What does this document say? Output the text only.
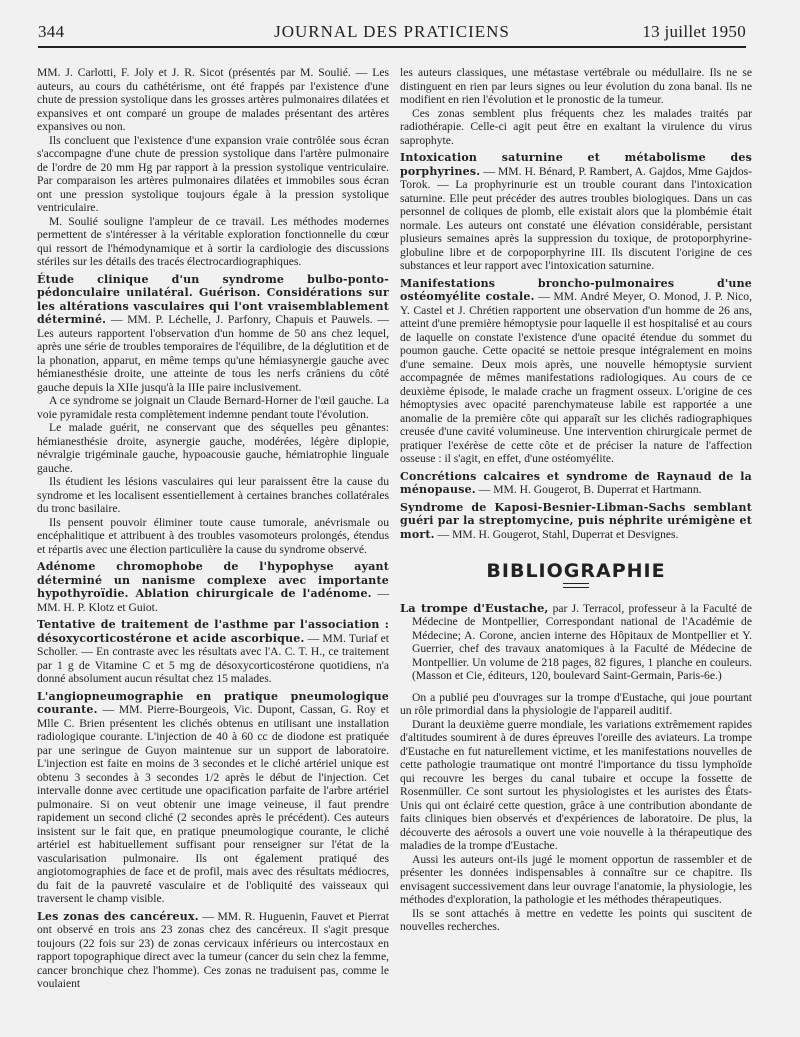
344	JOURNAL DES PRATICIENS	13 juillet 1950

MM. J. Carlotti, F. Joly et J. R. Sicot (présentés par M. Soulié. — Les auteurs, au cours du cathétérisme, ont été frappés par l'existence d'une chute de pression systolique dans les grosses artères pulmonaires dilatées et expansives et ont comparé un groupe de malades présentant des artères expansives ou non.

Ils concluent que l'existence d'une expansion vraie contrôlée sous écran s'accompagne d'une chute de pression systolique dans l'artère pulmonaire de l'ordre de 20 mm Hg par rapport à la pression systolique ventriculaire. Par comparaison les artères pulmonaires dilatées et immobiles sous écran ont une pression systolique toujours égale à la pression systolique ventriculaire.

M. Soulié souligne l'ampleur de ce travail. Les méthodes modernes permettent de s'intéresser à la véritable exploration fonctionnelle du cœur qui ressort de l'hémodynamique et à sortir la cardiologie des discussions stériles sur les détails des tracés électrocardiographiques.

Étude clinique d'un syndrome bulbo-ponto-pédonculaire unilatéral. Guérison. Considérations sur les altérations vasculaires qui l'ont vraisemblablement déterminé. — MM. P. Léchelle, J. Parfonry, Chapuis et Pauwels. — Les auteurs rapportent l'observation d'un homme de 50 ans chez lequel, après une série de troubles temporaires de l'équilibre, de la déglutition et de la phonation, apparut, en même temps qu'une hémiasynergie gauche avec hémianesthésie droite, une atteinte de tous les nerfs crâniens du côté gauche depuis la XIIe jusqu'à la IIIe paire inclusivement.

A ce syndrome se joignait un Claude Bernard-Horner de l'œil gauche. La voie pyramidale resta complètement indemne pendant toute l'évolution.

Le malade guérit, ne conservant que des séquelles peu gênantes: hémianesthésie droite, asynergie gauche, modérées, légère diplopie, névralgie trigéminale gauche, hypoacousie gauche, hémiatrophie linguale gauche.

Ils étudient les lésions vasculaires qui leur paraissent être la cause du syndrome et les localisent essentiellement à certaines branches collatérales du tronc basilaire.

Ils pensent pouvoir éliminer toute cause tumorale, anévrismale ou encéphalitique et attribuent à des troubles vasomoteurs prolongés, étendus et répartis avec une élection particulière la cause du syndrome observé.

Adénome chromophobe de l'hypophyse ayant déterminé un nanisme complexe avec importante hypothyroïdie. Ablation chirurgicale de l'adénome. — MM. H. P. Klotz et Guiot.

Tentative de traitement de l'asthme par l'association : désoxycorticostérone et acide ascorbique. — MM. Turiaf et Scholler. — En contraste avec les résultats avec l'A. C. T. H., ce traitement par 1 g de Vitamine C et 5 mg de désoxycorticostérone quotidiens, n'a donné absolument aucun résultat chez 15 malades.

L'angiopneumographie en pratique pneumologique courante. — MM. Pierre-Bourgeois, Vic. Dupont, Cassan, G. Roy et Mlle C. Brien présentent les clichés obtenus en utilisant une installation radiologique courante. L'injection de 40 à 60 cc de diodone est pratiquée par une seringue de Guyon maintenue sur un support de laboratoire. L'injection est faite en moins de 3 secondes et le cliché artériel unique est obtenu 3 secondes à 3 secondes 1/2 après le début de l'injection. Cet intervalle donne avec certitude une opacification parfaite de l'arbre artériel pulmonaire. Si on veut obtenir une image veineuse, il faut prendre rapidement un second cliché (2 secondes après le précédent). Ces auteurs insistent sur le fait que, en pratique pneumologique courante, le cliché artériel est habituellement suffisant pour renseigner sur l'état de la vascularisation pulmonaire. Ils ont également pratiqué des angiotomographies de face et de profil, mais avec des résultats médiocres, du fait de la pauvreté vasculaire et de l'obliquité des vaisseaux qui traversent le champ visible.

Les zonas des cancéreux. — MM. R. Huguenin, Fauvet et Pierrat ont observé en trois ans 23 zonas chez des cancéreux. Il s'agit presque toujours (22 fois sur 23) de zonas cervicaux inférieurs ou intercostaux en rapport topographique direct avec la tumeur (cancer du sein chez la femme, cancer bronchique chez l'homme). Ces zonas ne traduisent pas, comme le voulaient

les auteurs classiques, une métastase vertébrale ou médullaire. Ils ne se distinguent en rien par leurs signes ou leur évolution du zona banal. Ils ne modifient en rien l'évolution et le pronostic de la tumeur.

Ces zonas semblent plus fréquents chez les malades traités par radiothérapie. Celle-ci agit peut être en exaltant la virulence du virus saprophyte.

Intoxication saturnine et métabolisme des porphyrines. — MM. H. Bénard, P. Rambert, A. Gajdos, Mme Gajdos-Torok. — La prophyrinurie est un trouble courant dans l'intoxication saturnine. Elle peut précéder des autres troubles biologiques. Dans un cas personnel de coliques de plomb, elle existait alors que la plombémie était normale. Les auteurs ont constaté une élévation considérable, persistant plusieurs semaines après la suppression du toxique, de protoporphyrine-globuline libre et de corpoporphyrine III. Ils discutent l'origine de ces substances et leur rapport avec l'intoxication saturnine.

Manifestations broncho-pulmonaires d'une ostéomyélite costale. — MM. André Meyer, O. Monod, J. P. Nico, Y. Castel et J. Chrétien rapportent une observation d'un homme de 26 ans, atteint d'une première hémoptysie pour laquelle il est hospitalisé et au cours de laquelle on constate l'existence d'une opacité étendue du sommet du poumon gauche. Cette opacité se nettoie presque intégralement en moins d'une semaine. Deux mois après, une nouvelle hémoptysie survient accompagnée de mêmes manifestations radiologiques. Au cours de ce deuxième épisode, le malade crache un fragment osseux. L'origine de ces hémoptysies avec opacité parenchymateuse labile est rapportée a une anomalie de la première côte qui apparaît sur les clichés radiographiques creusée d'une cavité volumineuse. Une intervention chirurgicale permet de pratiquer l'exérèse de cette côte et de préciser la nature de l'affection osseuse : il s'agit, en effet, d'une ostéomyélite.

Concrétions calcaires et syndrome de Raynaud de la ménopause. — MM. H. Gougerot, B. Duperrat et Hartmann.

Syndrome de Kaposi-Besnier-Libman-Sachs semblant guéri par la streptomycine, puis néphrite urémigène et mort. — MM. H. Gougerot, Stahl, Duperrat et Desvignes.

BIBLIOGRAPHIE

La trompe d'Eustache, par J. Terracol, professeur à la Faculté de Médecine de Montpellier, Correspondant national de l'Académie de Médecine; A. Corone, ancien interne des Hôpitaux de Montpellier et Y. Guerrier, chef des travaux anatomiques à la Faculté de Médecine de Montpellier. Un volume de 218 pages, 82 figures, 1 planche en couleurs. (Masson et Cie, éditeurs, 120, boulevard Saint-Germain, Paris-6e.)

On a publié peu d'ouvrages sur la trompe d'Eustache, qui joue pourtant un rôle primordial dans la physiologie de l'appareil auditif.

Durant la deuxième guerre mondiale, les variations extrêmement rapides d'altitudes soumirent à de dures épreuves l'oreille des aviateurs. La trompe d'Eustache en fut naturellement victime, et les manifestations nouvelles de cette pathologie traumatique ont montré l'importance du tissu lymphoïde qui recouvre les berges du canal tubaire et occupe la fossette de Rosenmüller. Ce sont surtout les physiologistes et les auristes des États-Unis qui ont éclairé cette question, grâce à une contribution abondante de faits cliniques bien observés et d'expériences de laboratoire. De plus, la découverte des aérosols a ouvert une voie nouvelle à la thérapeutique des maladies de la trompe d'Eustache.

Aussi les auteurs ont-ils jugé le moment opportun de rassembler et de présenter les données indispensables à connaître sur ce chapitre. Ils envisagent successivement dans leur ouvrage l'anatomie, la physiologie, les méthodes d'exploration, la pathologie et les méthodes thérapeutiques.

Ils se sont attachés à mettre en vedette les points qui suscitent de nouvelles recherches.
